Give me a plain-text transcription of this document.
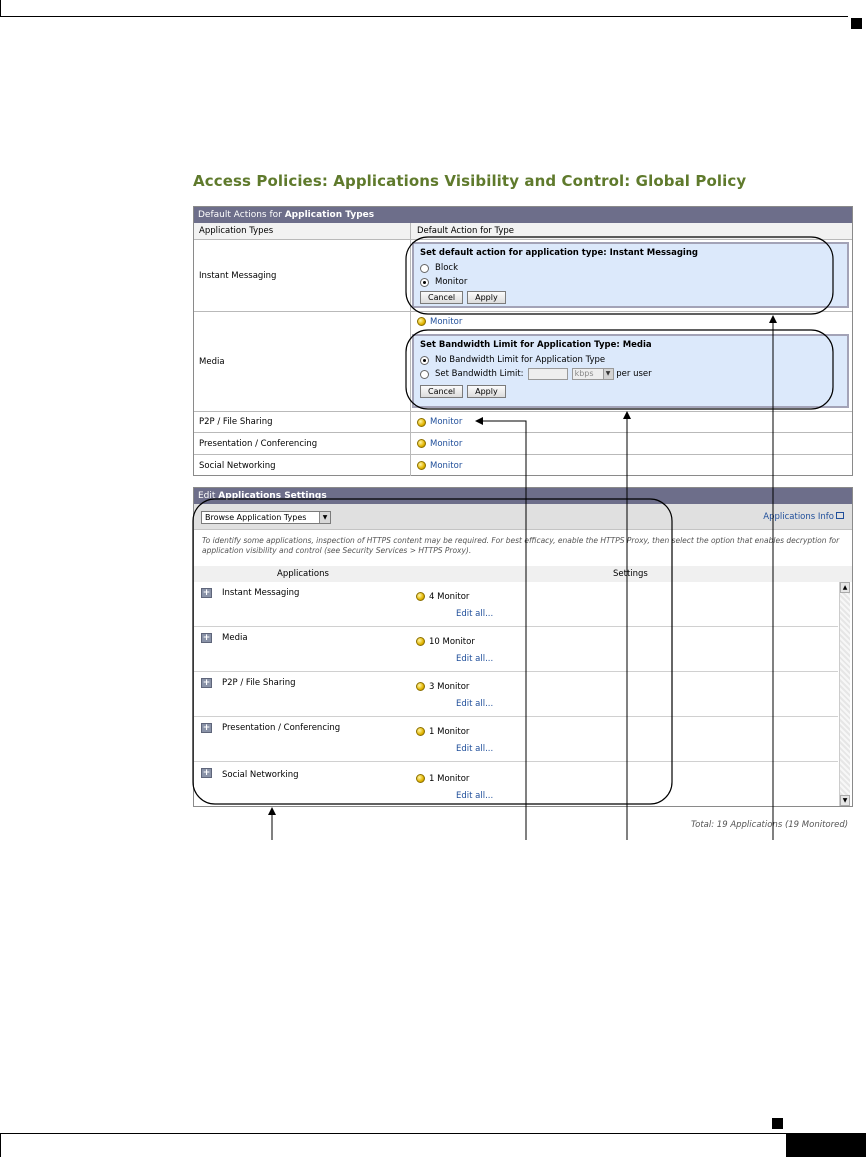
Access Policies: Applications Visibility and Control: Global Policy
Default Actions for Application Types
Application Types	Default Action for Type
Instant Messaging
Set default action for application type: Instant Messaging
Block
Monitor
Cancel	Apply
Media
Monitor
Set Bandwidth Limit for Application Type: Media
No Bandwidth Limit for Application Type
Set Bandwidth Limit:	kbps	▼
per user
Cancel	Apply
P2P / File Sharing	Monitor
Presentation / Conferencing	Monitor
Social Networking	Monitor
Edit Applications Settings
Browse Application Types	▼	Applications Info
To identify some applications, inspection of HTTPS content may be required. For best efficacy, enable the HTTPS Proxy, then select the option that enables decryption for application visibility and control (see Security Services > HTTPS Proxy).
Applications	Settings
+ Instant Messaging	4 Monitor
Edit all...
+ Media	10 Monitor
Edit all...
+ P2P / File Sharing	3 Monitor
Edit all...
+ Presentation / Conferencing	1 Monitor
Edit all...
+ Social Networking	1 Monitor
Edit all...
▲
▼
Total: 19 Applications (19 Monitored)
